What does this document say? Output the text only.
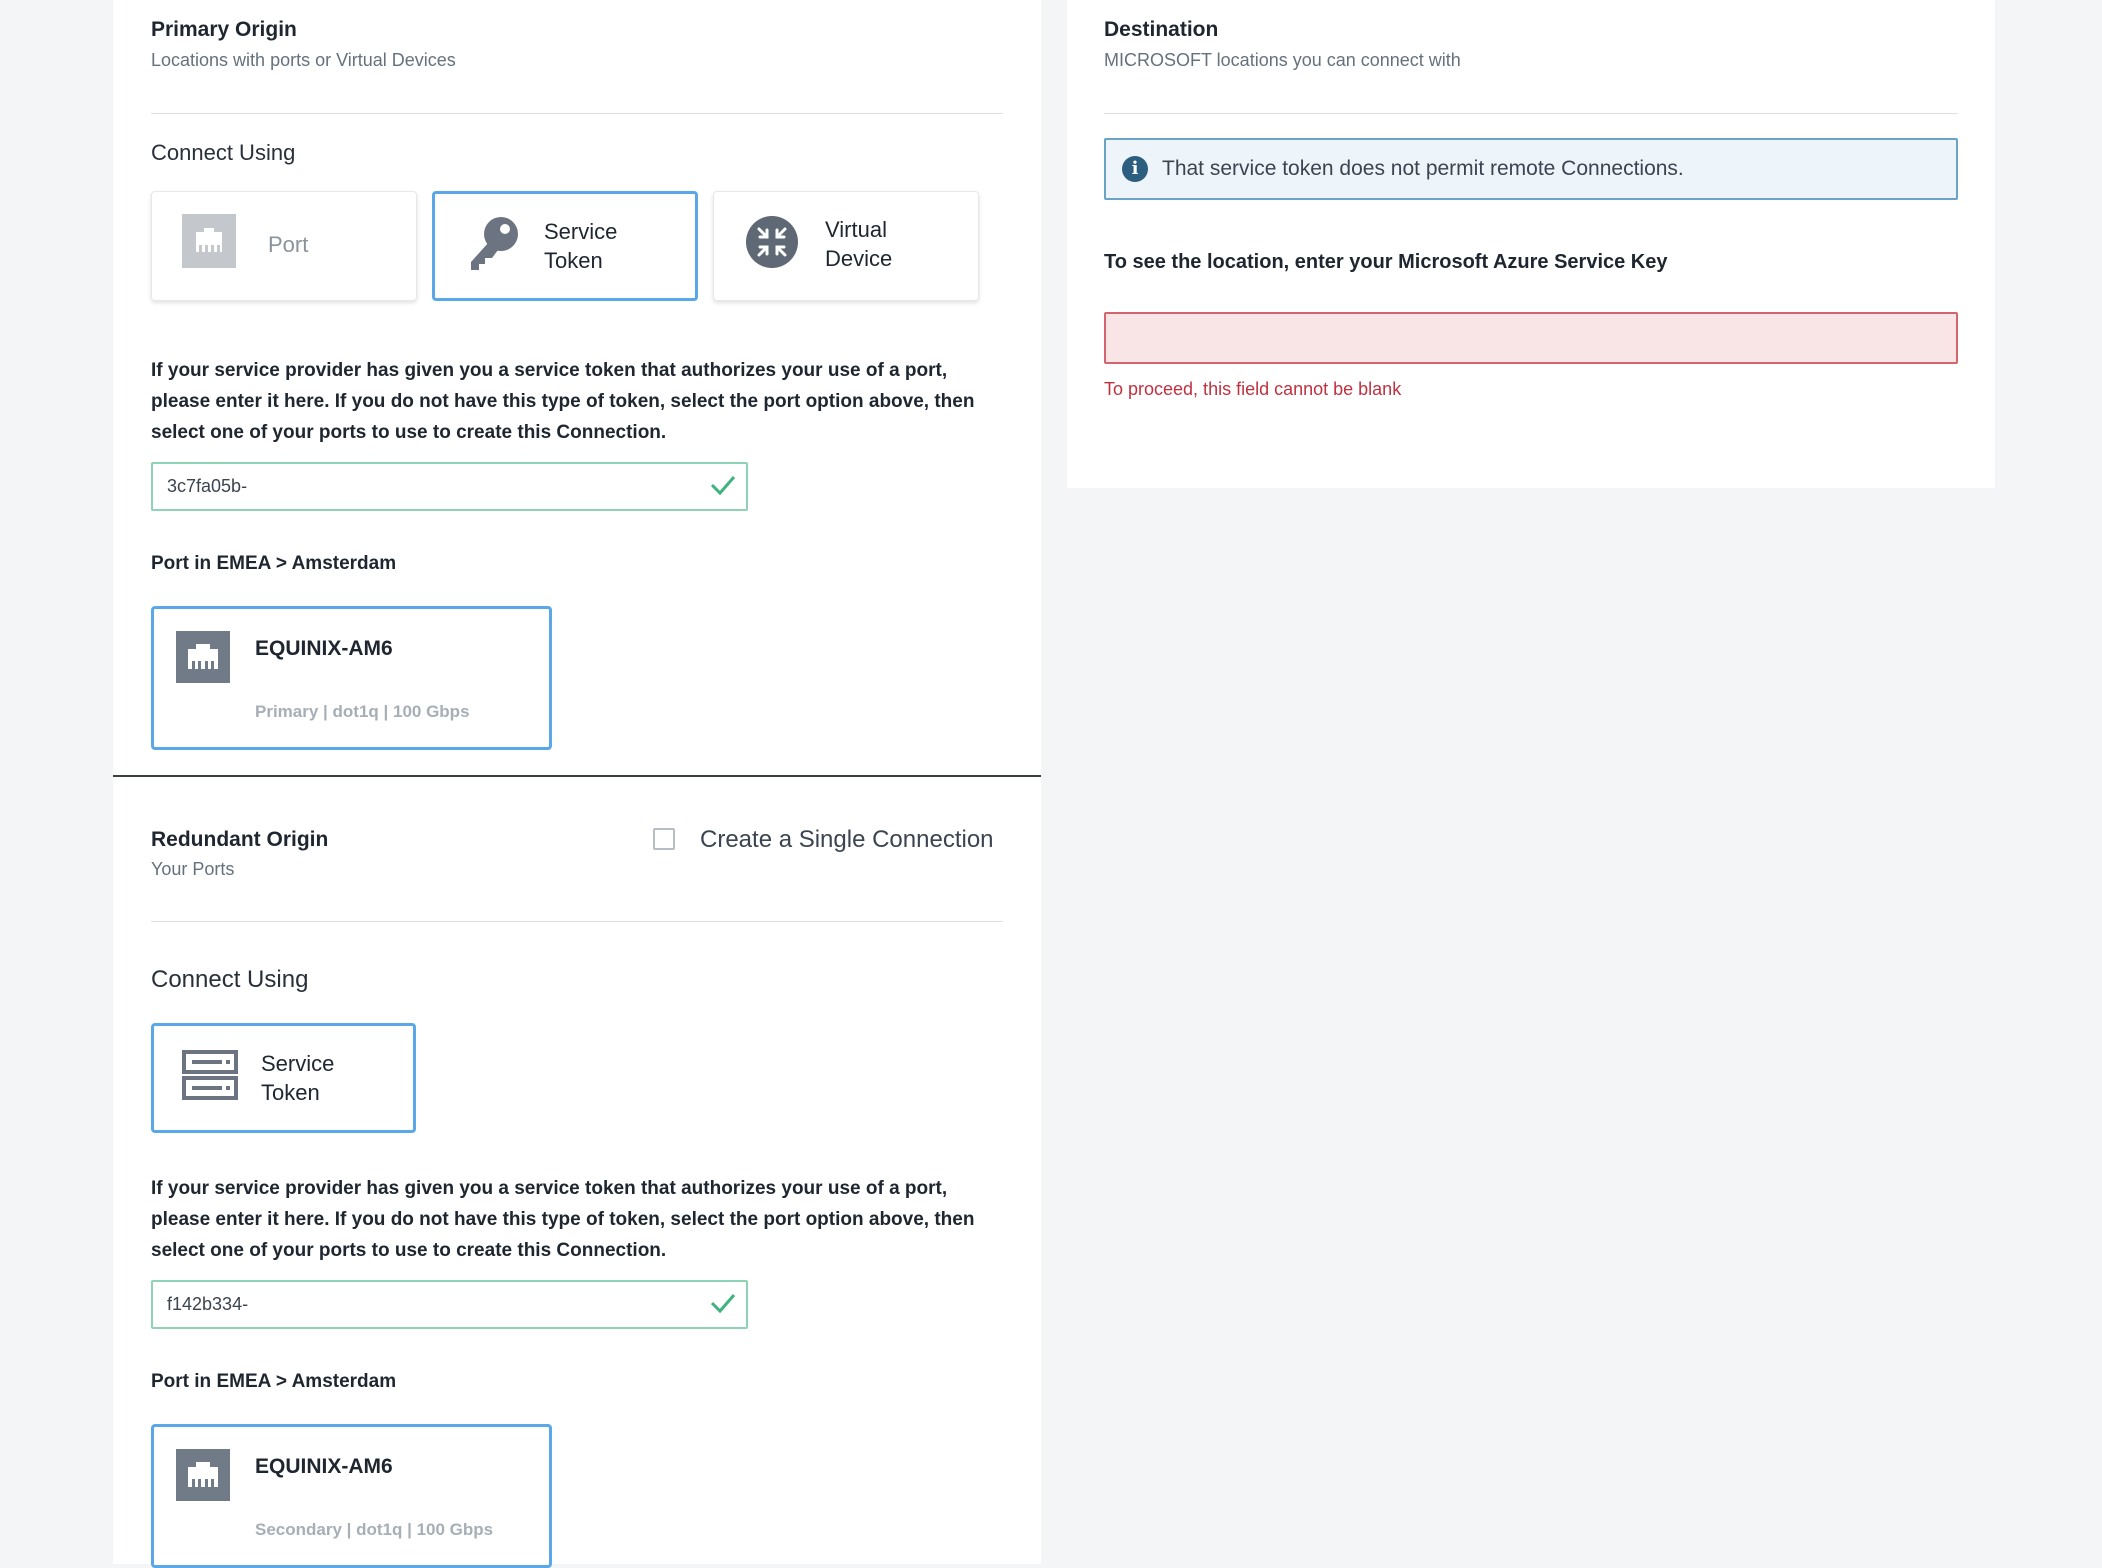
Primary Origin
Locations with ports or Virtual Devices
Connect Using
Port
Service
Token
Virtual
Device
If your service provider has given you a service token that authorizes your use of a port, please enter it here. If you do not have this type of token, select the port option above, then select one of your ports to use to create this Connection.
3c7fa05b-
Port in EMEA > Amsterdam
EQUINIX-AM6
Primary | dot1q | 100 Gbps
Redundant Origin
Your Ports
Create a Single Connection
Connect Using
Service
Token
If your service provider has given you a service token that authorizes your use of a port, please enter it here. If you do not have this type of token, select the port option above, then select one of your ports to use to create this Connection.
f142b334-
Port in EMEA > Amsterdam
EQUINIX-AM6
Secondary | dot1q | 100 Gbps
Destination
MICROSOFT locations you can connect with
i	That service token does not permit remote Connections.
To see the location, enter your Microsoft Azure Service Key
To proceed, this field cannot be blank
